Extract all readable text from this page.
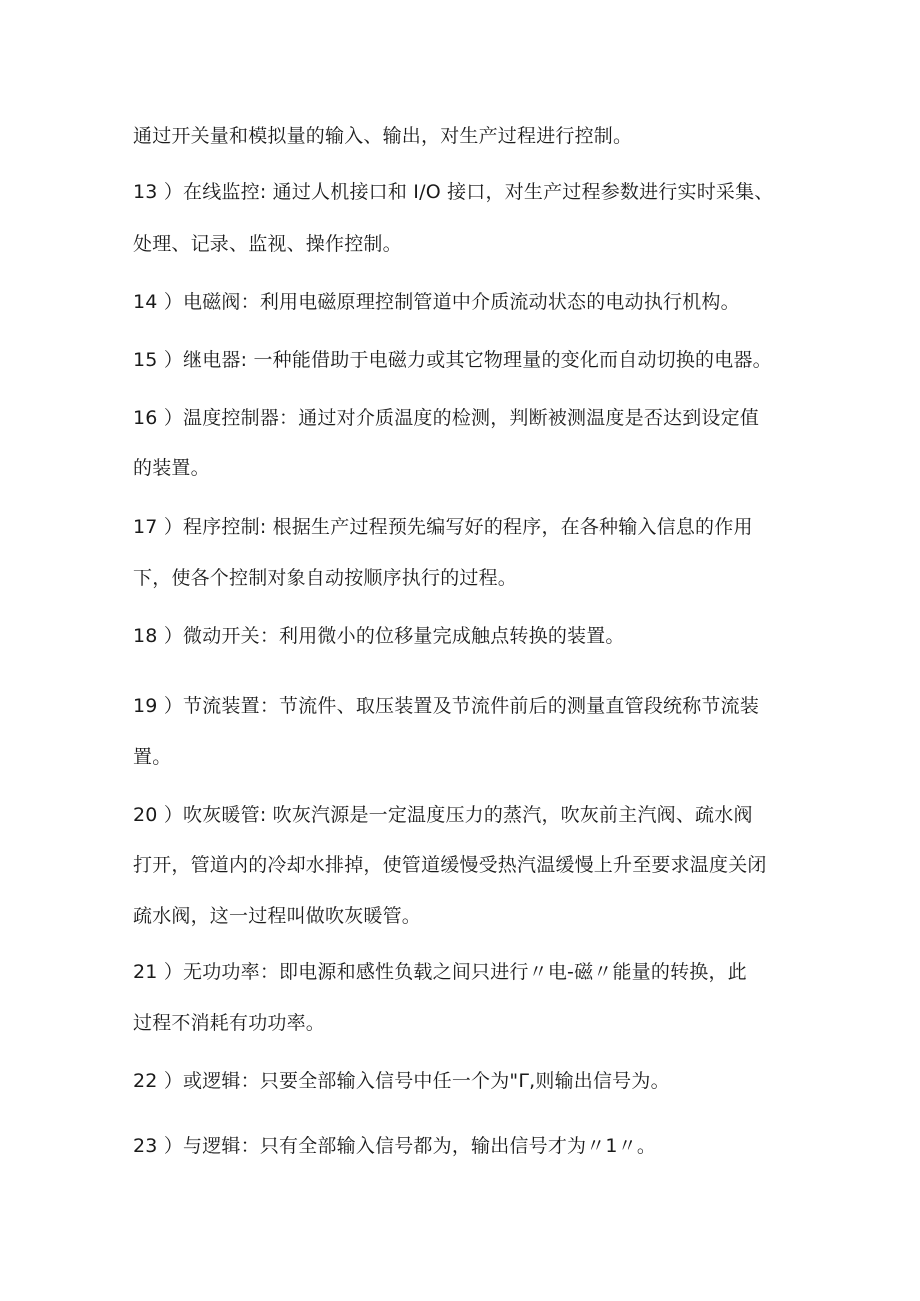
通过开关量和模拟量的输入、输出，对生产过程进行控制。
13 ）在线监控: 通过人机接口和 I/O 接口，对生产过程参数进行实时采集、
处理、记录、监视、操作控制。
14 ）电磁阀：利用电磁原理控制管道中介质流动状态的电动执行机构。
15 ）继电器: 一种能借助于电磁力或其它物理量的变化而自动切换的电器。
16 ）温度控制器：通过对介质温度的检测，判断被测温度是否达到设定值
的装置。
17 ）程序控制: 根据生产过程预先编写好的程序，在各种输入信息的作用
下，使各个控制对象自动按顺序执行的过程。
18 ）微动开关：利用微小的位移量完成触点转换的装置。
19 ）节流装置：节流件、取压装置及节流件前后的测量直管段统称节流装
置。
20 ）吹灰暖管: 吹灰汽源是一定温度压力的蒸汽，吹灰前主汽阀、疏水阀
打开，管道内的冷却水排掉，使管道缓慢受热汽温缓慢上升至要求温度关闭
疏水阀，这一过程叫做吹灰暖管。
21 ）无功功率：即电源和感性负载之间只进行〃电-磁〃能量的转换，此
过程不消耗有功功率。
22 ）或逻辑：只要全部输入信号中任一个为"Γ,则输出信号为。
23 ）与逻辑：只有全部输入信号都为，输出信号才为〃1〃。
